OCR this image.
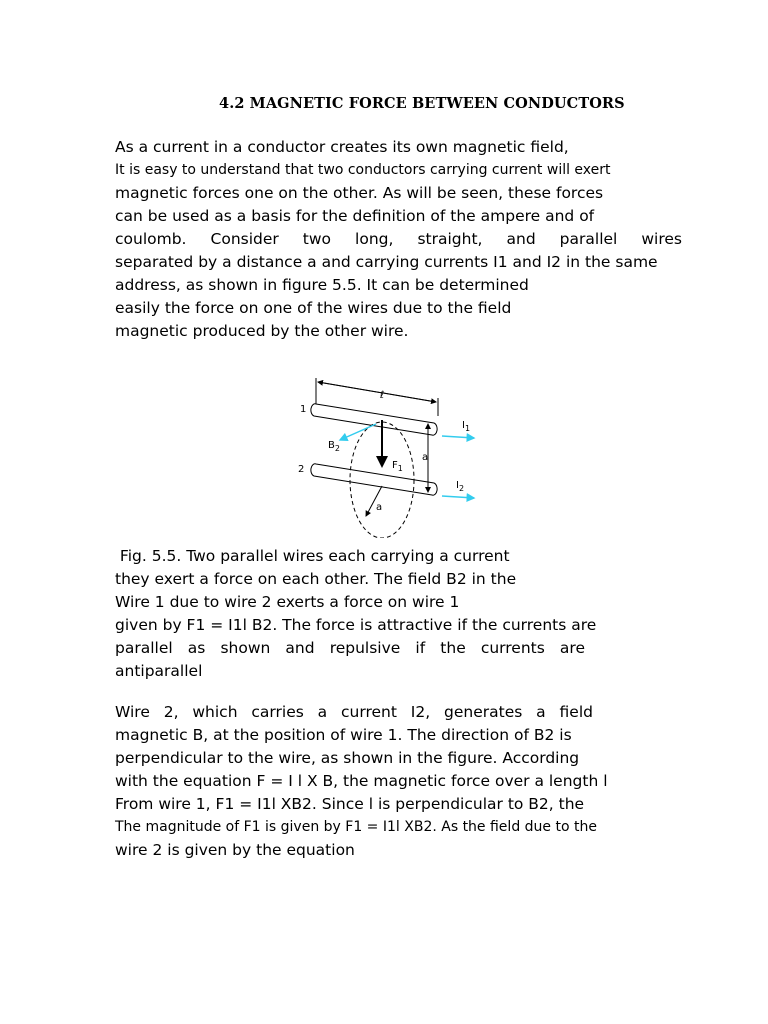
4.2 MAGNETIC FORCE BETWEEN CONDUCTORS
As a current in a conductor creates its own magnetic field,
It is easy to understand that two conductors carrying current will exert
magnetic forces one on the other. As will be seen, these forces
can be used as a basis for the definition of the ampere and of
coulomb. Consider two long, straight, and parallel wires
separated by a distance a and carrying currents I1 and I2 in the same
address, as shown in figure 5.5. It can be determined
easily the force on one of the wires due to the field
magnetic produced by the other wire.
ℓ
1
2
$I_1$
$I_2$
$B_2$
$F_1$
a
a
Fig. 5.5. Two parallel wires each carrying a current
they exert a force on each other. The field B2 in the
Wire 1 due to wire 2 exerts a force on wire 1
given by F1 = I1l B2. The force is attractive if the currents are
parallel as shown and repulsive if the currents are
antiparallel
Wire 2, which carries a current I2, generates a field
magnetic B, at the position of wire 1. The direction of B2 is
perpendicular to the wire, as shown in the figure. According
with the equation F = I l X B, the magnetic force over a length l
From wire 1, F1 = I1l XB2. Since l is perpendicular to B2, the
The magnitude of F1 is given by F1 = I1l XB2. As the field due to the
wire 2 is given by the equation
